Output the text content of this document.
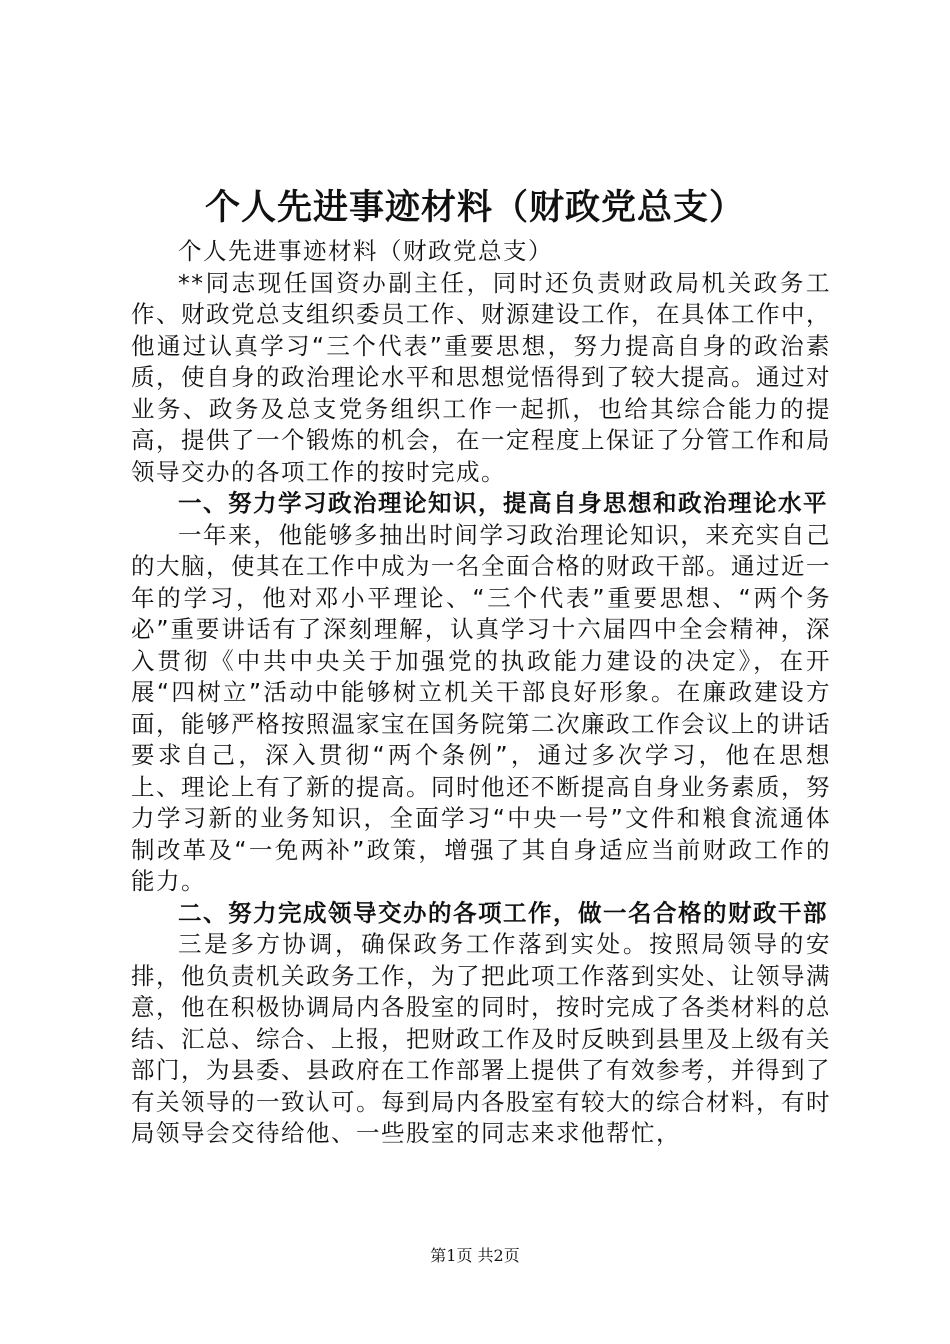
个人先进事迹材料（财政党总支）

个人先进事迹材料（财政党总支）

**同志现任国资办副主任，同时还负责财政局机关政务工作、财政党总支组织委员工作、财源建设工作，在具体工作中，他通过认真学习“三个代表”重要思想，努力提高自身的政治素质，使自身的政治理论水平和思想觉悟得到了较大提高。通过对业务、政务及总支党务组织工作一起抓，也给其综合能力的提高，提供了一个锻炼的机会，在一定程度上保证了分管工作和局领导交办的各项工作的按时完成。

一、努力学习政治理论知识，提高自身思想和政治理论水平

一年来，他能够多抽出时间学习政治理论知识，来充实自己的大脑，使其在工作中成为一名全面合格的财政干部。通过近一年的学习，他对邓小平理论、“三个代表”重要思想、“两个务必”重要讲话有了深刻理解，认真学习十六届四中全会精神，深入贯彻《中共中央关于加强党的执政能力建设的决定》，在开展“四树立”活动中能够树立机关干部良好形象。在廉政建设方面，能够严格按照温家宝在国务院第二次廉政工作会议上的讲话要求自己，深入贯彻“两个条例”，通过多次学习，他在思想上、理论上有了新的提高。同时他还不断提高自身业务素质，努力学习新的业务知识，全面学习“中央一号”文件和粮食流通体制改革及“一免两补”政策，增强了其自身适应当前财政工作的能力。

二、努力完成领导交办的各项工作，做一名合格的财政干部

三是多方协调，确保政务工作落到实处。按照局领导的安排，他负责机关政务工作，为了把此项工作落到实处、让领导满意，他在积极协调局内各股室的同时，按时完成了各类材料的总结、汇总、综合、上报，把财政工作及时反映到县里及上级有关部门，为县委、县政府在工作部署上提供了有效参考，并得到了有关领导的一致认可。每到局内各股室有较大的综合材料，有时局领导会交待给他、一些股室的同志来求他帮忙，

第1页 共2页
